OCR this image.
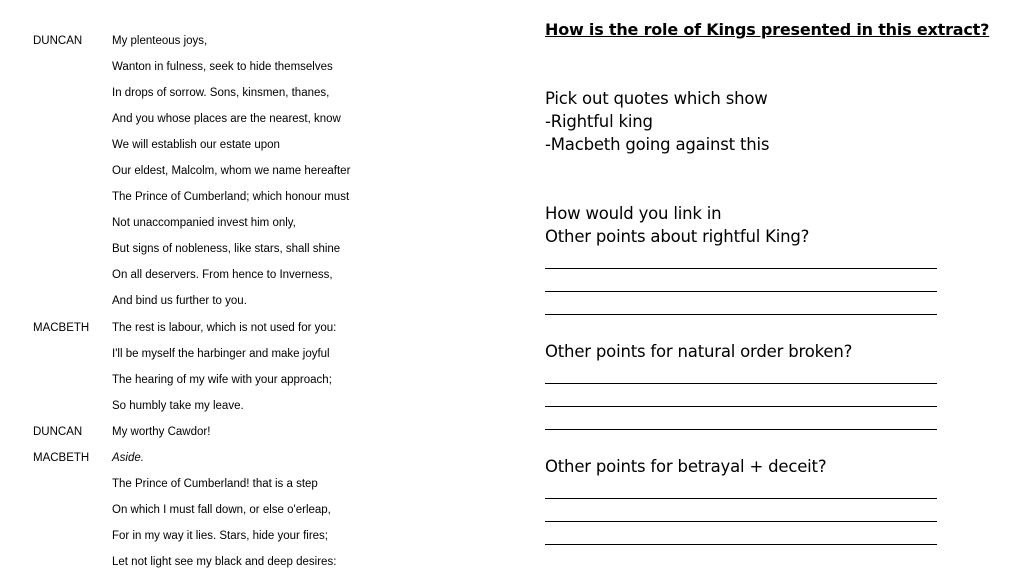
DUNCAN	My plenteous joys,
Wanton in fulness, seek to hide themselves
In drops of sorrow. Sons, kinsmen, thanes,
And you whose places are the nearest, know
We will establish our estate upon
Our eldest, Malcolm, whom we name hereafter
The Prince of Cumberland; which honour must
Not unaccompanied invest him only,
But signs of nobleness, like stars, shall shine
On all deservers. From hence to Inverness,
And bind us further to you.
MACBETH The rest is labour, which is not used for you:
I'll be myself the harbinger and make joyful
The hearing of my wife with your approach;
So humbly take my leave.
DUNCAN	My worthy Cawdor!
MACBETH Aside.
The Prince of Cumberland! that is a step
On which I must fall down, or else o'erleap,
For in my way it lies. Stars, hide your fires;
Let not light see my black and deep desires:

How is the role of Kings presented in this extract?

Pick out quotes which show

-Rightful king

-Macbeth going against this

How would you link in

Other points about rightful King?

Other points for natural order broken?

Other points for betrayal + deceit?
